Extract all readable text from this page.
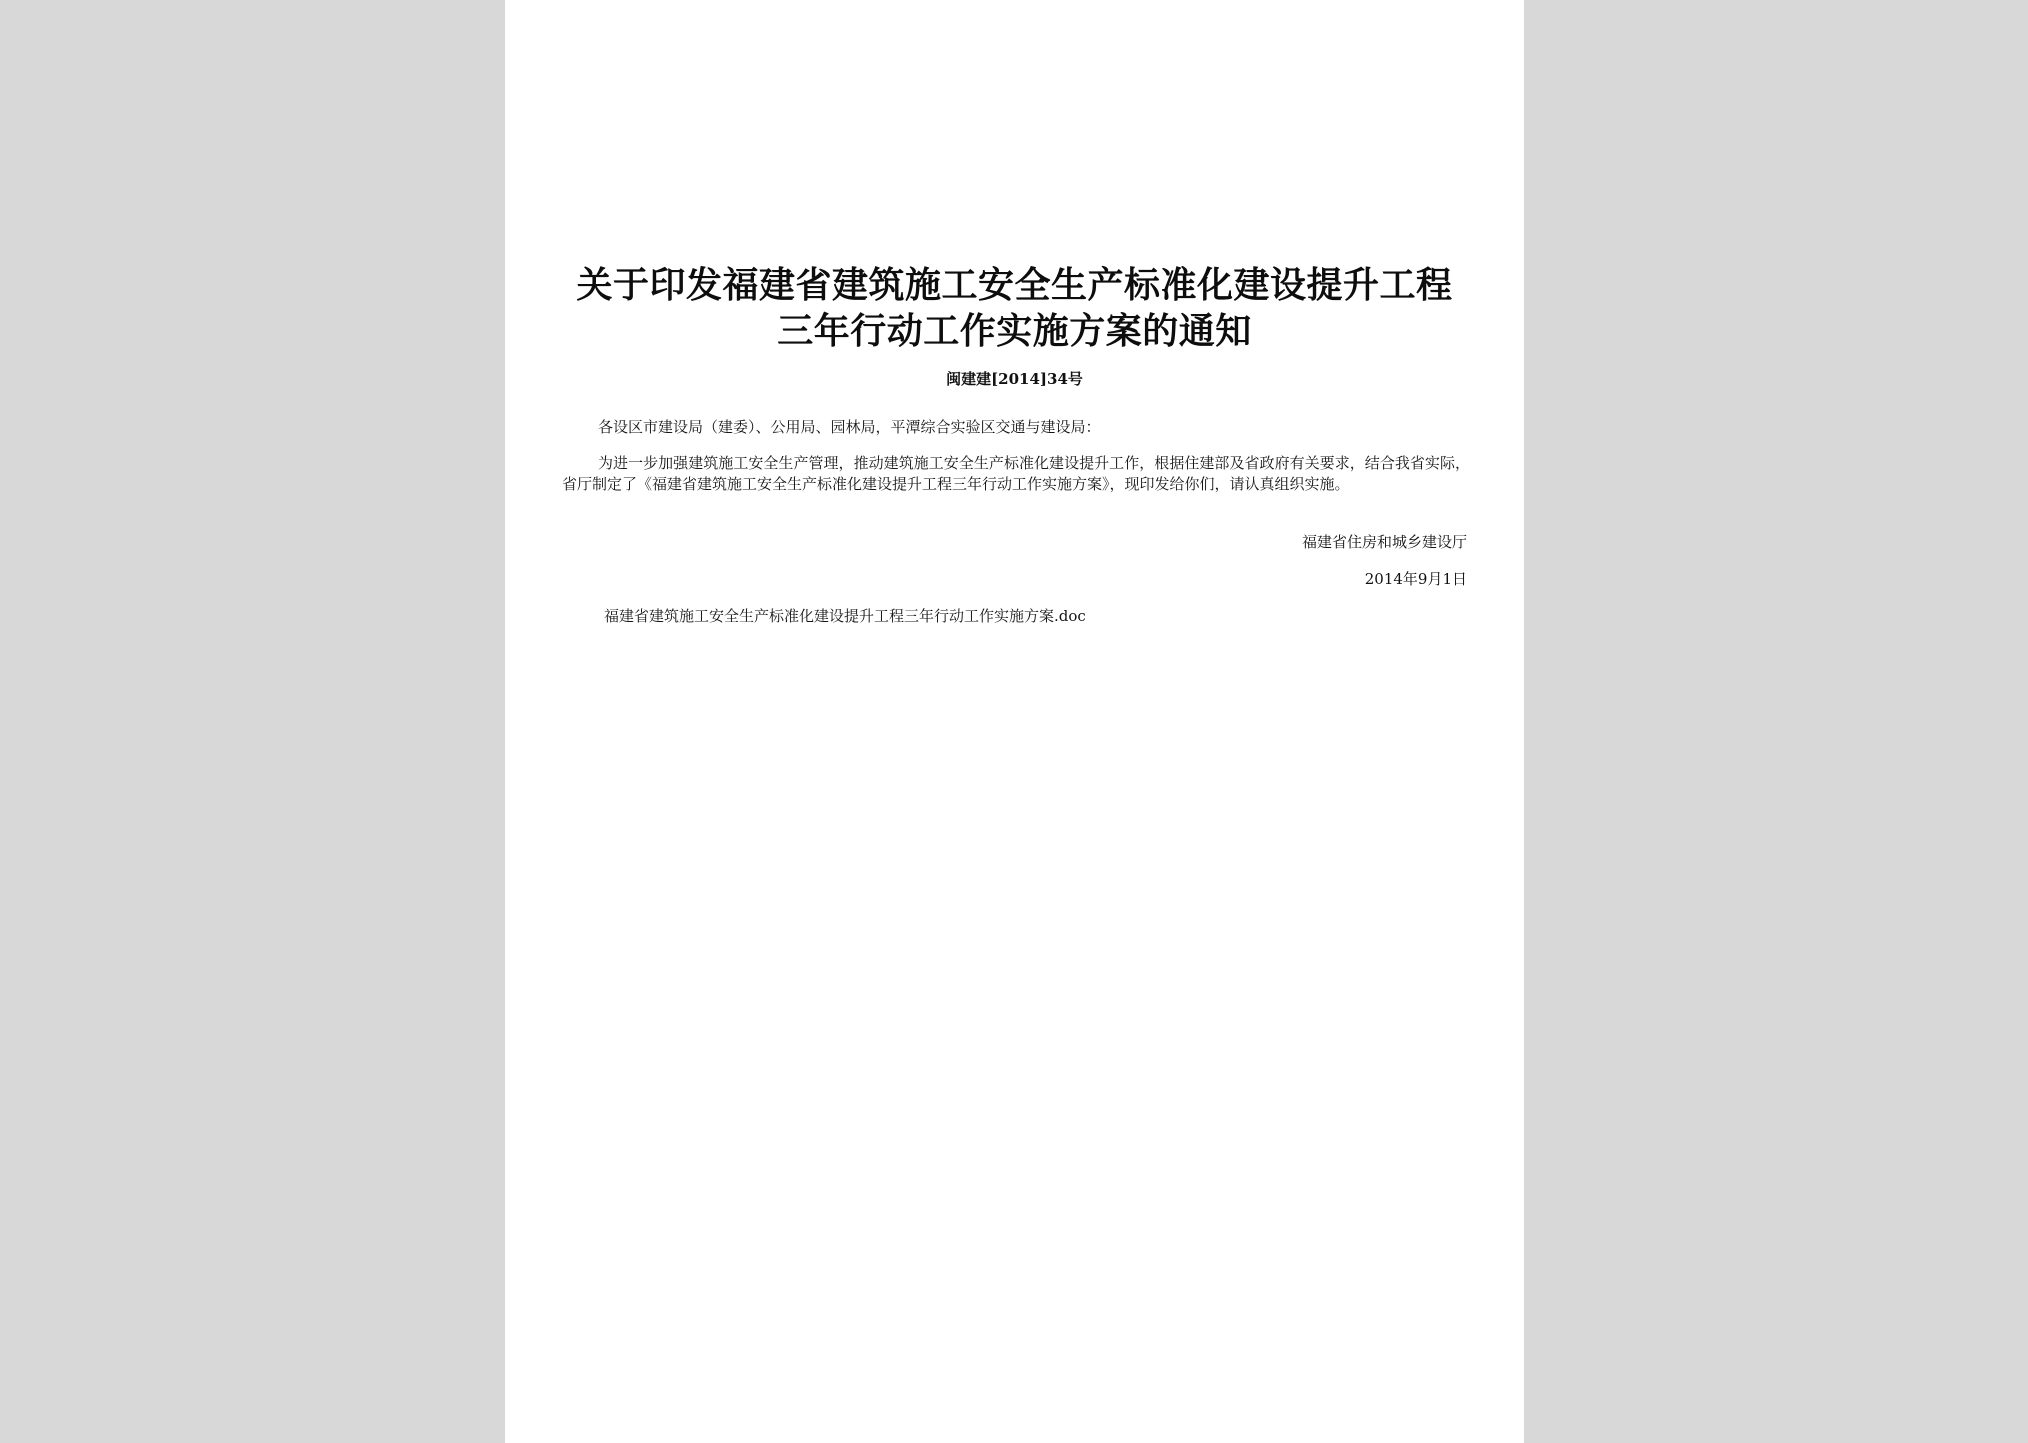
关于印发福建省建筑施工安全生产标准化建设提升工程
三年行动工作实施方案的通知
闽建建[2014]34号
各设区市建设局（建委）、公用局、园林局，平潭综合实验区交通与建设局：
为进一步加强建筑施工安全生产管理，推动建筑施工安全生产标准化建设提升工作，根据住建部及省政府有关要求，结合我省实际，省厅制定了《福建省建筑施工安全生产标准化建设提升工程三年行动工作实施方案》，现印发给你们，请认真组织实施。
福建省住房和城乡建设厅
2014年9月1日
福建省建筑施工安全生产标准化建设提升工程三年行动工作实施方案.doc
